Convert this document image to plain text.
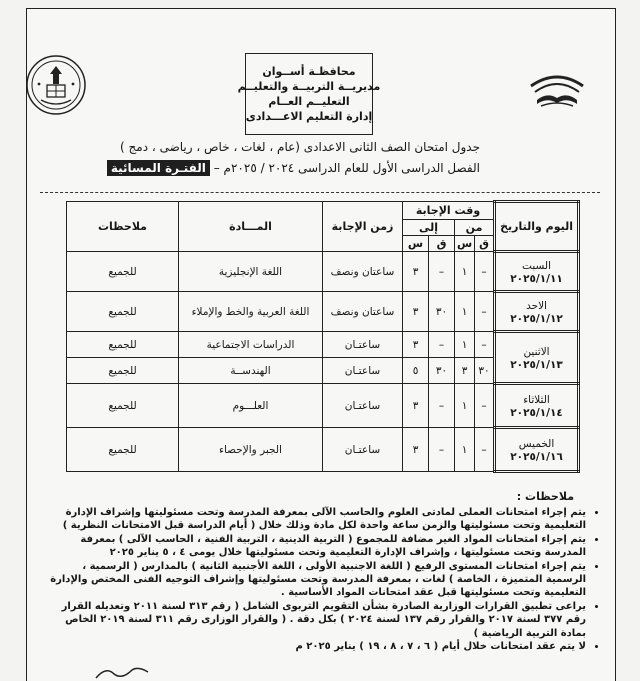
محافظـة أســوان
مديريــة التربيــة والتعليــم
التعليــم العــام
إدارة التعليم الاعـــدادى
جدول امتحان الصف الثانى الاعدادى (عام ، لغات ، خاص ، رياضى ، دمج )
الفصل الدراسى الأول للعام الدراسى ٢٠٢٤ / ٢٠٢٥م – الفتـرة المسائية
اليوم والتاريخ	وقت الإجابة				زمن الإجابة	المـــادة	ملاحظات
	من		إلى				
	ق	س	ق	س			

السبت
٢٠٢٥/١/١١	–	١	–	٣	ساعتان ونصف	اللغة الإنجليزية	للجميع

الاحد
٢٠٢٥/١/١٢	–	١	٣٠	٣	ساعتان ونصف	اللغة العربية والخط والإملاء	للجميع

الاثنين
٢٠٢٥/١/١٣	–	١	–	٣	ساعتـان	الدراسات الاجتماعية	للجميع
	٣٠	٣	٣٠	٥	ساعتـان	الهندســة	للجميع

الثلاثاء
٢٠٢٥/١/١٤	–	١	–	٣	ساعتـان	العلـــوم	للجميع

الخميس
٢٠٢٥/١/١٦	–	١	–	٣	ساعتـان	الجبر والإحصاء	للجميع
ملاحظات :
• يتم إجراء امتحانات العملى لمادتى العلوم والحاسب الآلى بمعرفة المدرسة وتحت مسئوليتها وإشراف الإدارة التعليمية وتحت مسئوليتها والزمن ساعة واحدة لكل مادة وذلك خلال ( أيام الدراسة قبل الامتحانات النظرية )
• يتم إجراء امتحانات المواد الغير مضافة للمجموع ( التربية الدينية ، التربية الفنية ، الحاسب الآلى ) بمعرفة المدرسة وتحت مسئوليتها ، وإشراف الإدارة التعليمية وتحت مسئوليتها خلال يومى ٤ ، ٥ يناير ٢٠٢٥
• يتم إجراء امتحانات المستوى الرفيع ( اللغة الاجنبية الأولى ، اللغة الأجنبية الثانية ) بالمدارس ( الرسمية ، الرسمية المتميزة ، الخاصة ) لغات ، بمعرفة المدرسة وتحت مسئوليتها وإشراف التوجيه الفنى المختص والإدارة التعليمية وتحت مسئوليتها قبل عقد امتحانات المواد الأساسية .
• يراعى تطبيق القرارات الوزارية الصادرة بشأن التقويم التربوى الشامل ( رقم ٣١٣ لسنة ٢٠١١ وتعديله القرار رقم ٣٧٧ لسنة ٢٠١٧ والقرار رقم ١٣٧ لسنة ٢٠٢٤ ) بكل دقة . ( والقرار الوزارى رقم ٣١١ لسنة ٢٠١٩ الخاص بمادة التربية الرياضية )
• لا يتم عقد امتحانات خلال أيام ( ٦ ، ٧ ، ٨ ، ١٩ ) يناير ٢٠٢٥ م
